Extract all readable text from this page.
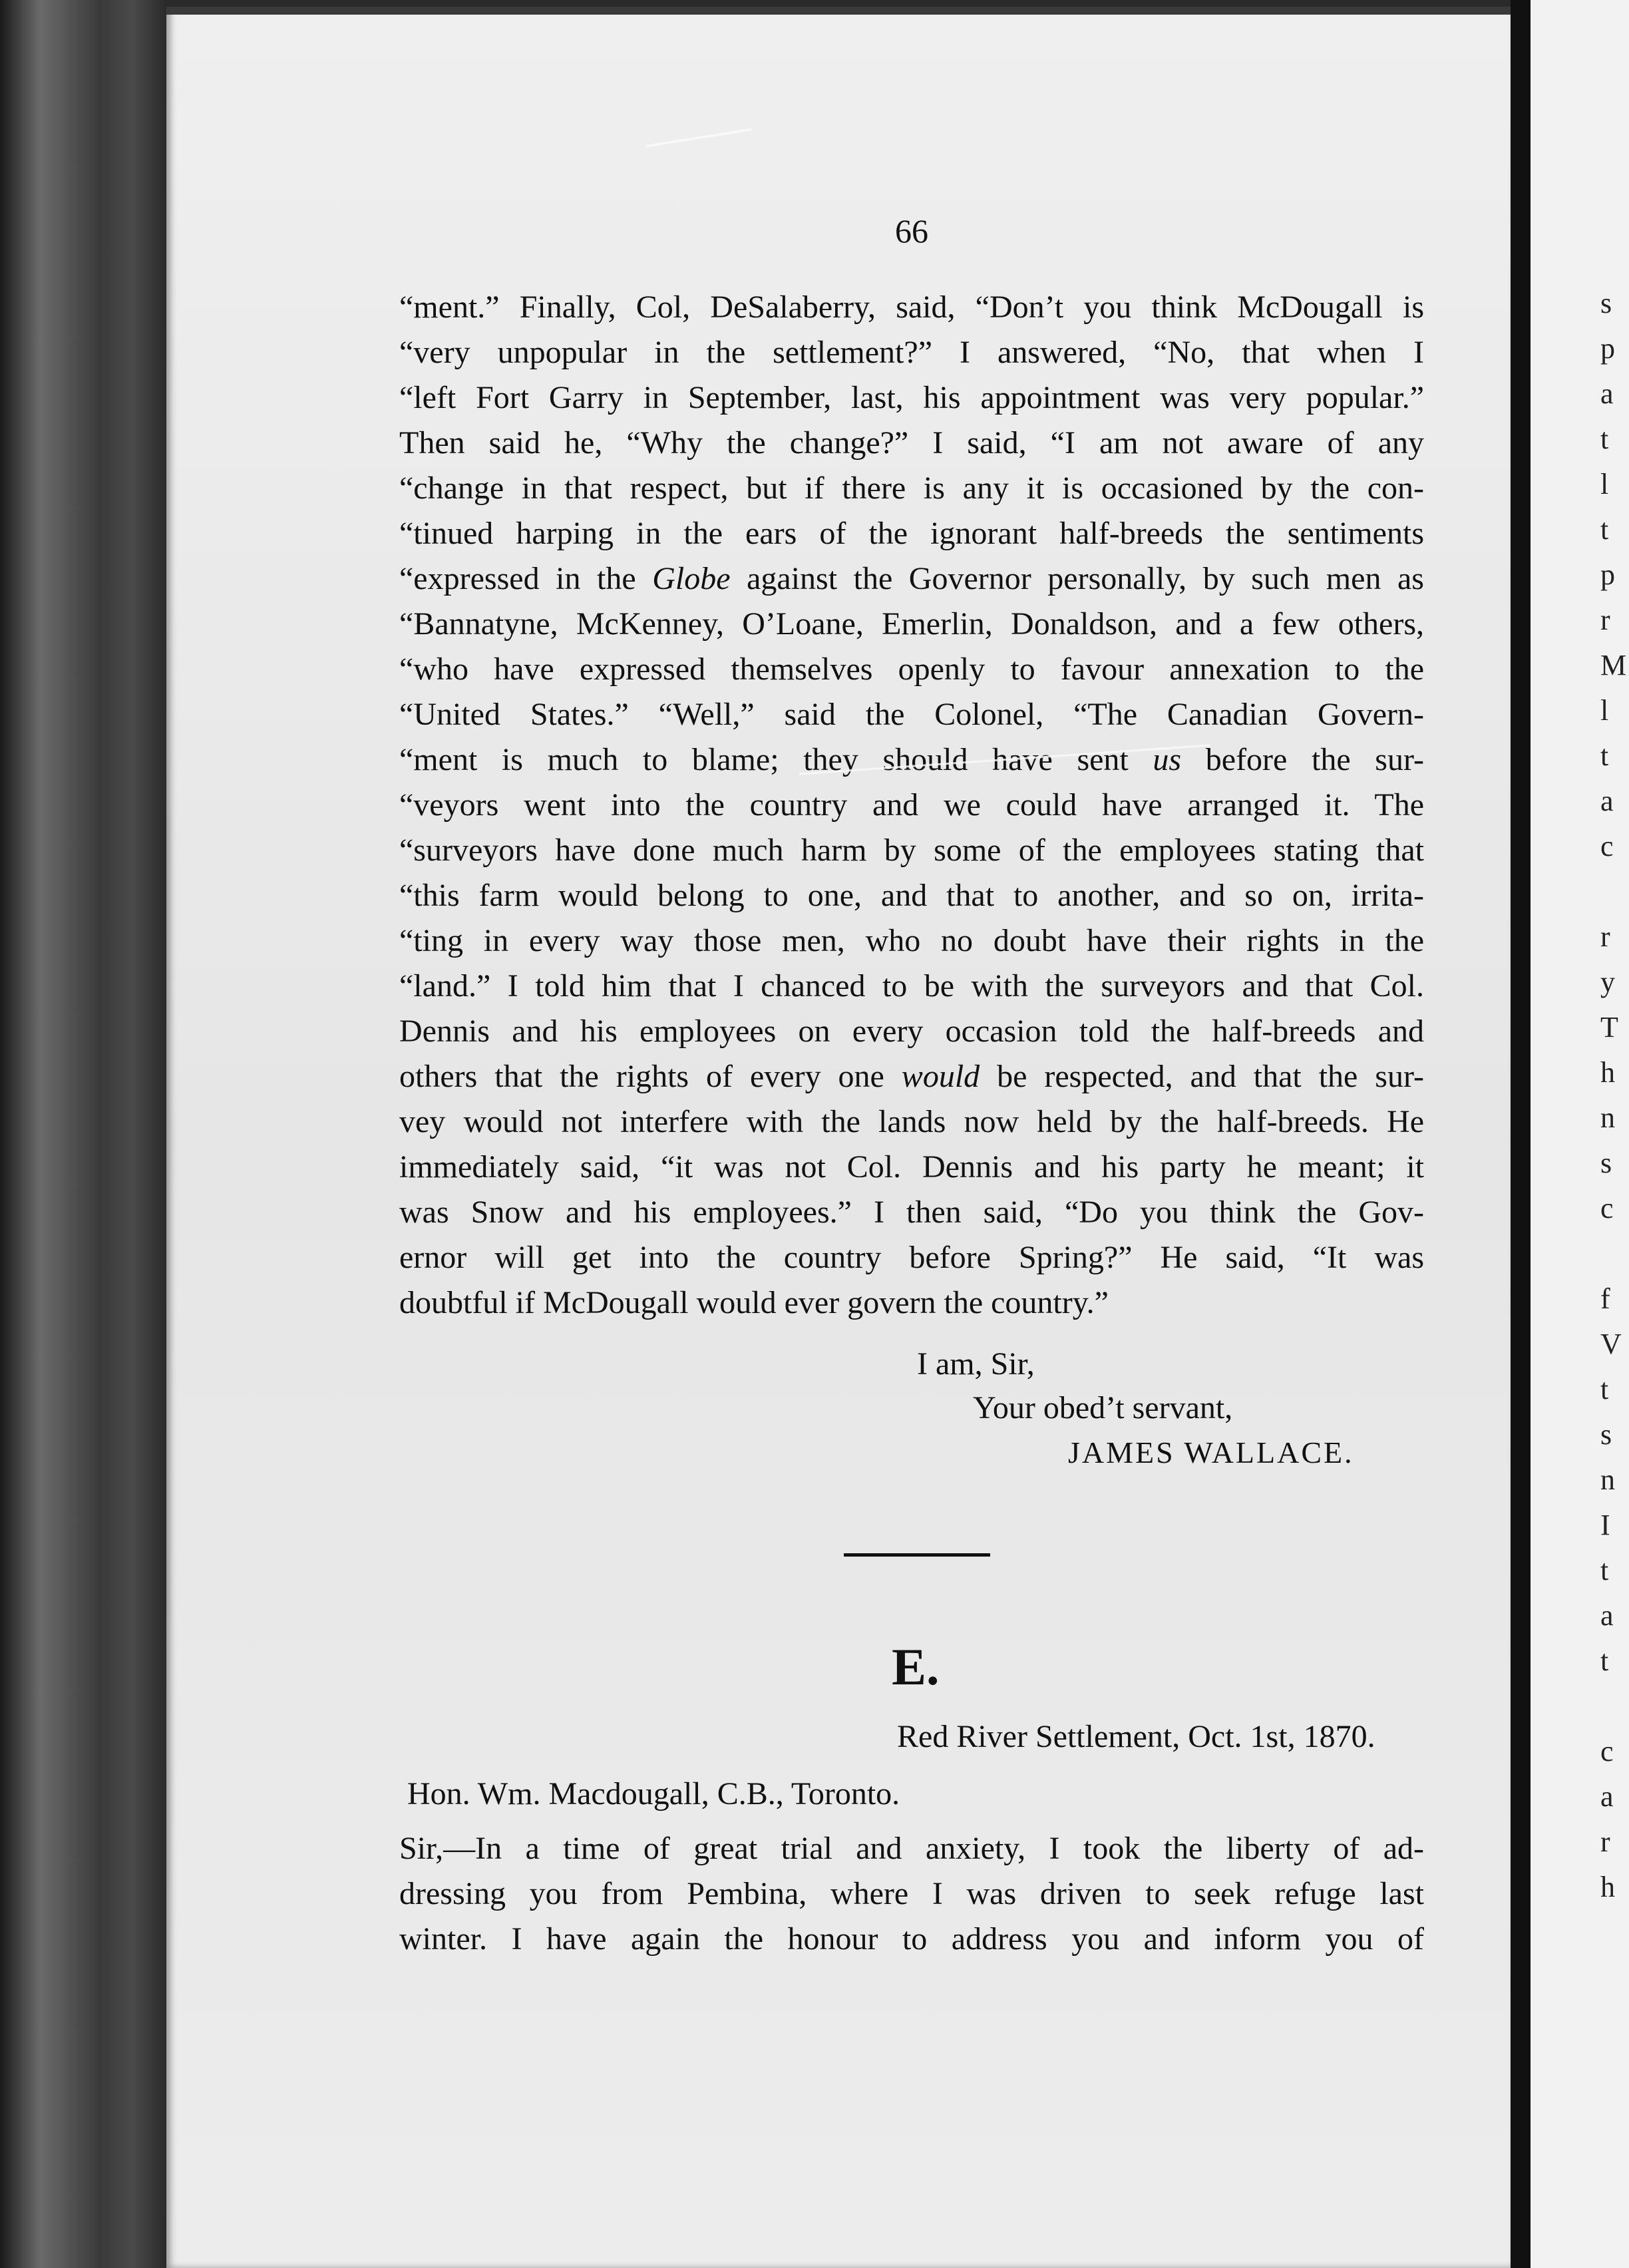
s
p
a
t
l
t
p
r
M
l
t
a
c
r
y
T
h
n
s
c
f
V
t
s
n
I
t
a
t
c
a
r
h
66
“ment.” Finally, Col, DeSalaberry, said, “Don’t you think McDougall is
“very unpopular in the settlement?” I answered, “No, that when I
“left Fort Garry in September, last, his appointment was very popular.”
Then said he, “Why the change?” I said, “I am not aware of any
“change in that respect, but if there is any it is occasioned by the con-
“tinued harping in the ears of the ignorant half-breeds the sentiments
“expressed in the Globe against the Governor personally, by such men as
“Bannatyne, McKenney, O’Loane, Emerlin, Donaldson, and a few others,
“who have expressed themselves openly to favour annexation to the
“United States.” “Well,” said the Colonel, “The Canadian Govern-
“ment is much to blame; they should have sent us before the sur-
“veyors went into the country and we could have arranged it. The
“surveyors have done much harm by some of the employees stating that
“this farm would belong to one, and that to another, and so on, irrita-
“ting in every way those men, who no doubt have their rights in the
“land.” I told him that I chanced to be with the surveyors and that Col.
Dennis and his employees on every occasion told the half-breeds and
others that the rights of every one would be respected, and that the sur-
vey would not interfere with the lands now held by the half-breeds. He
immediately said, “it was not Col. Dennis and his party he meant; it
was Snow and his employees.” I then said, “Do you think the Gov-
ernor will get into the country before Spring?” He said, “It was
doubtful if McDougall would ever govern the country.”
I am, Sir,
Your obed’t servant,
JAMES WALLACE.
E.
Red River Settlement, Oct. 1st, 1870.
Hon. Wm. Macdougall, C.B., Toronto.
Sir,—In a time of great trial and anxiety, I took the liberty of ad-
dressing you from Pembina, where I was driven to seek refuge last
winter. I have again the honour to address you and inform you of
